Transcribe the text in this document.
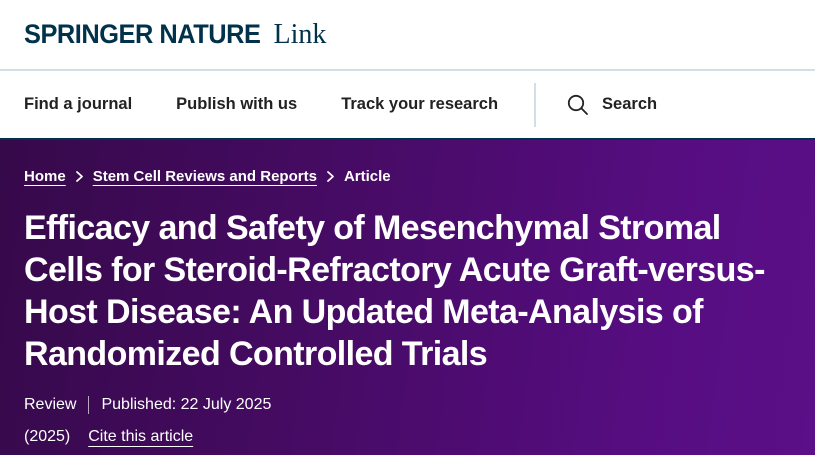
SPRINGER NATURE Link
Find a journal	Publish with us	Track your research	Search
Home Stem Cell Reviews and Reports Article
Efficacy and Safety of Mesenchymal Stromal Cells for Steroid-Refractory Acute Graft-versus-Host Disease: An Updated Meta-Analysis of Randomized Controlled Trials
Review Published: 22 July 2025
(2025) Cite this article
